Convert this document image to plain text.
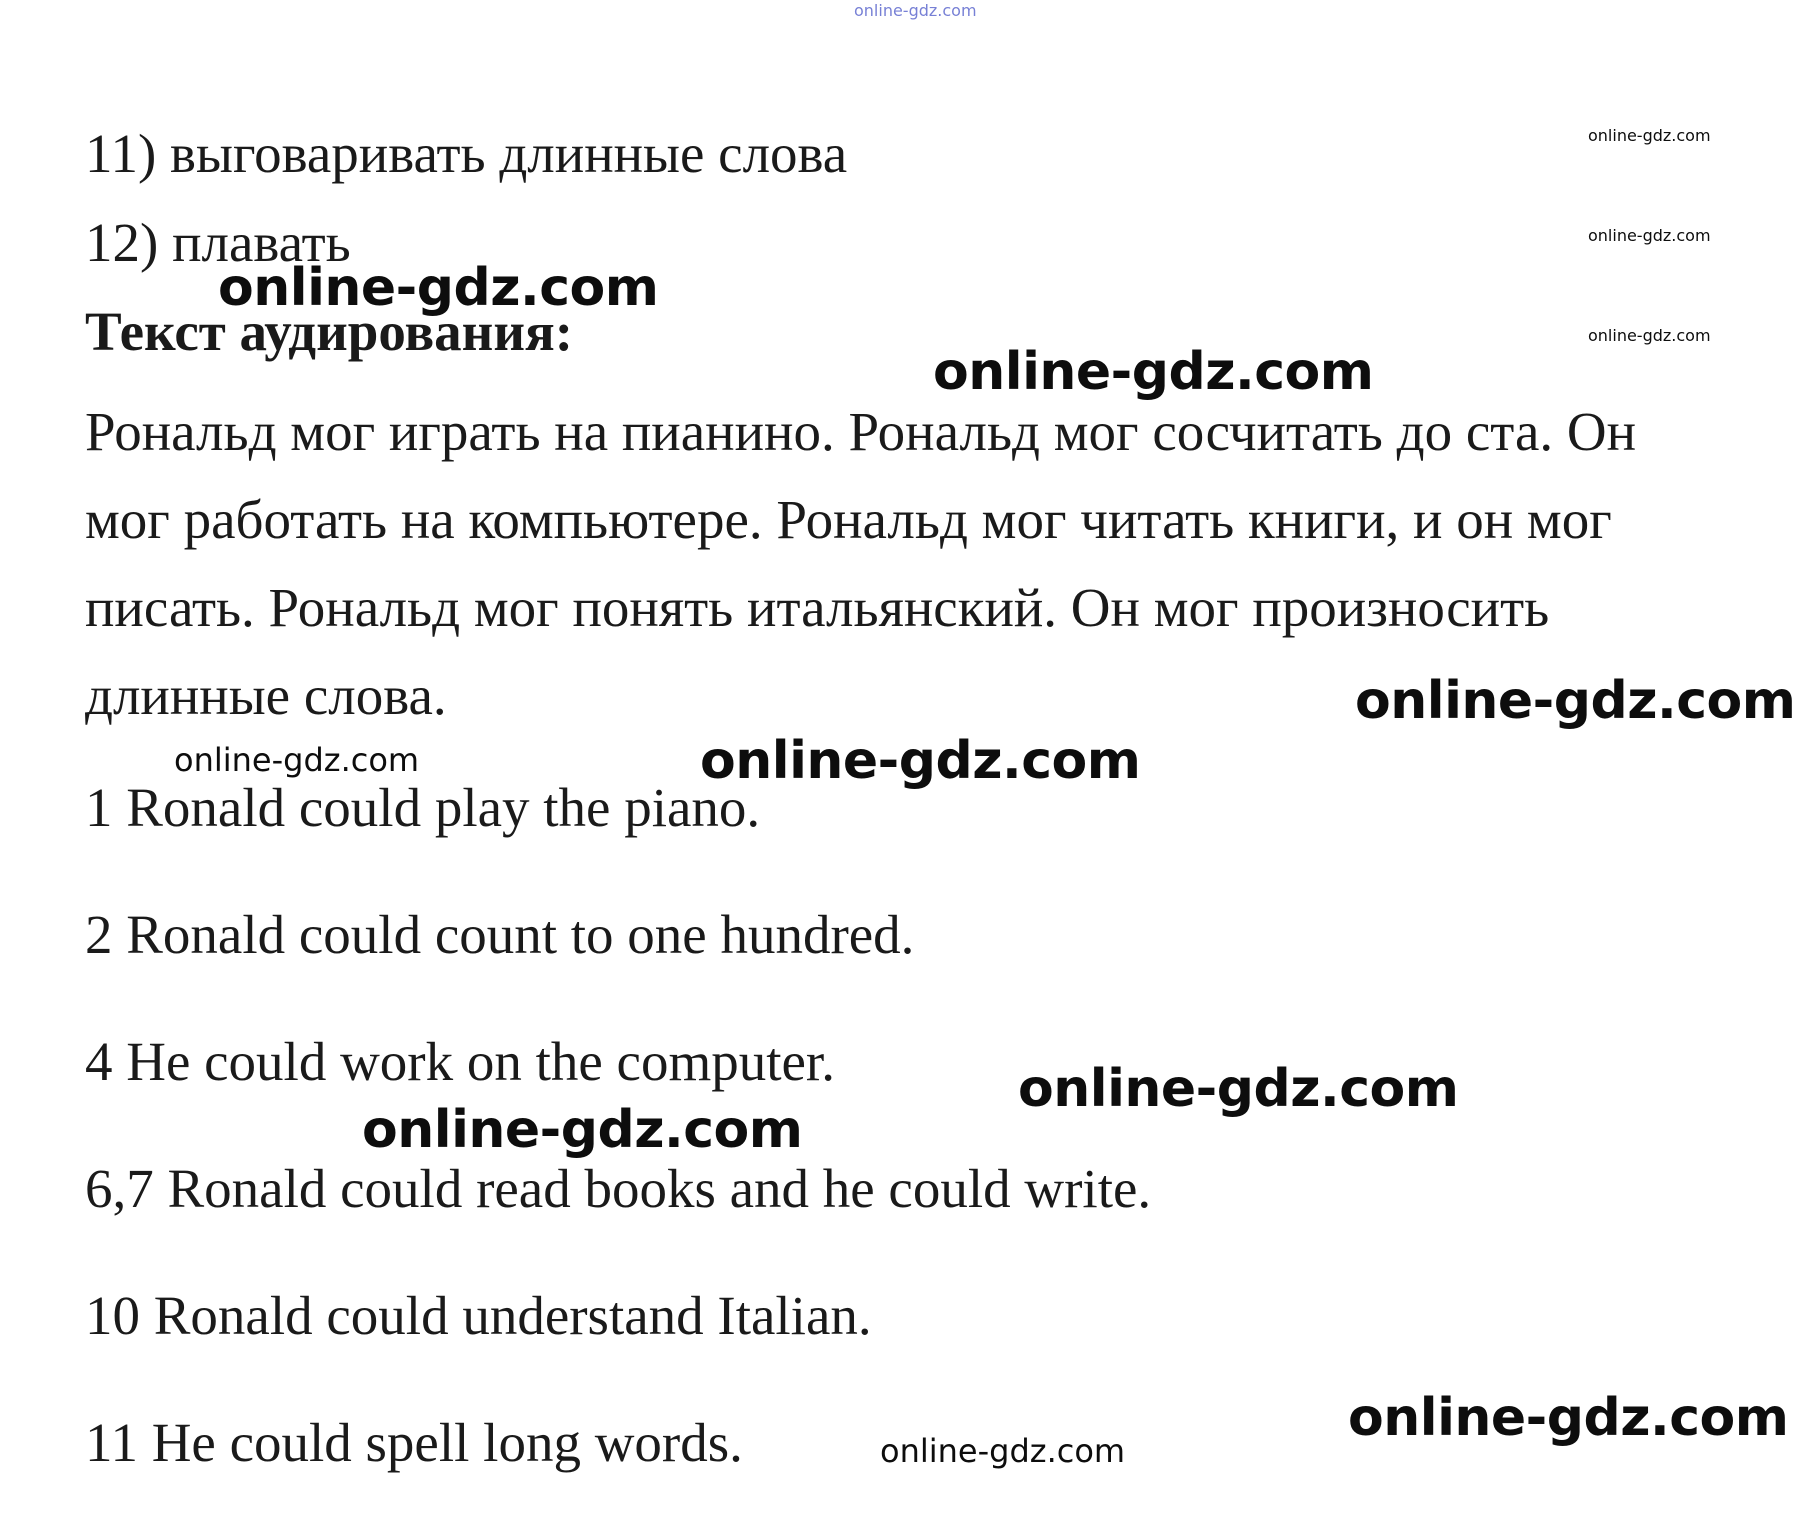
11) выговаривать длинные слова
12) плавать
Текст аудирования:
Рональд мог играть на пианино. Рональд мог сосчитать до ста. Он
мог работать на компьютере. Рональд мог читать книги, и он мог
писать. Рональд мог понять итальянский. Он мог произносить
длинные слова.
1 Ronald could play the piano.
2 Ronald could count to one hundred.
4 He could work on the computer.
6,7 Ronald could read books and he could write.
10 Ronald could understand Italian.
11 He could spell long words.
online-gdz.com
online-gdz.com
online-gdz.com
online-gdz.com
online-gdz.com
online-gdz.com
online-gdz.com
online-gdz.com	online-gdz.com
online-gdz.com
online-gdz.com
online-gdz.com
online-gdz.com
